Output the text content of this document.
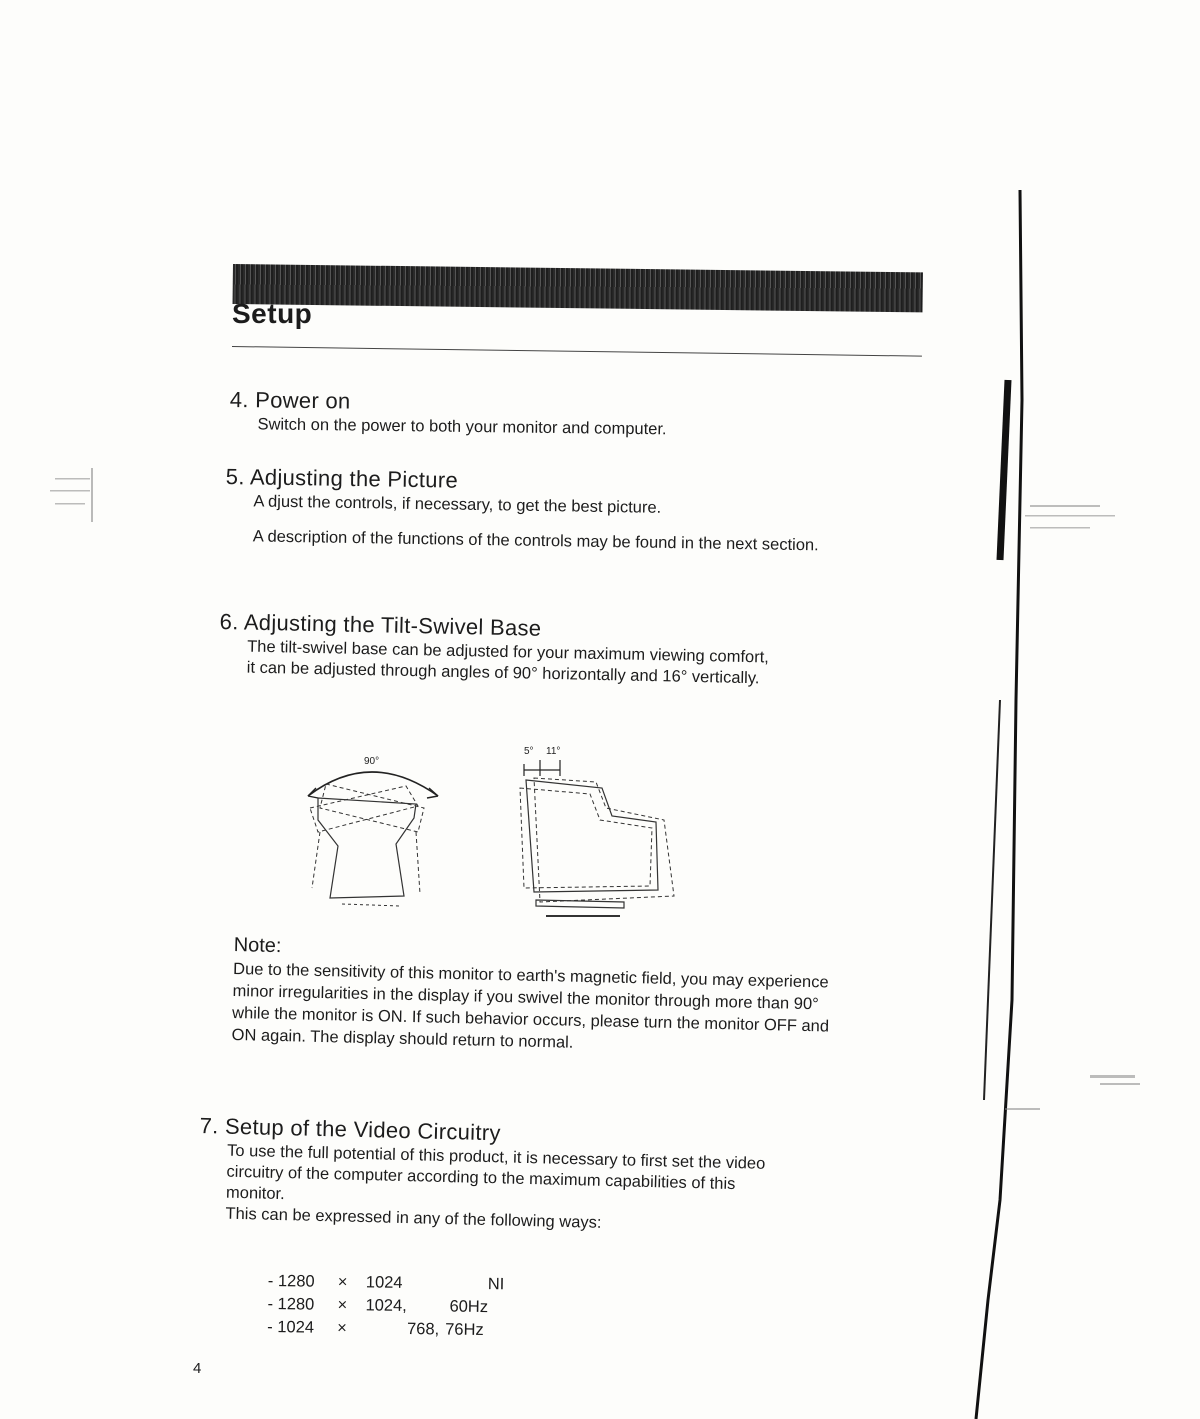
Setup
4. Power on
Switch on the power to both your monitor and computer.
5. Adjusting the Picture
A djust the controls, if necessary, to get the best picture.
A description of the functions of the controls may be found in the next section.
6. Adjusting the Tilt-Swivel Base
The tilt-swivel base can be adjusted for your maximum viewing comfort, it can be adjusted through angles of 90° horizontally and 16° vertically.
90°
5° 11°
Note:
Due to the sensitivity of this monitor to earth's magnetic field, you may experience minor irregularities in the display if you swivel the monitor through more than 90° while the monitor is ON. If such behavior occurs, please turn the monitor OFF and ON again. The display should return to normal.
7. Setup of the Video Circuitry
To use the full potential of this product, it is necessary to first set the video circuitry of the computer according to the maximum capabilities of this monitor.
This can be expressed in any of the following ways:
- 1280 × 1024	NI
- 1280 × 1024,	60Hz
- 1024 ×	768, 76Hz
4
